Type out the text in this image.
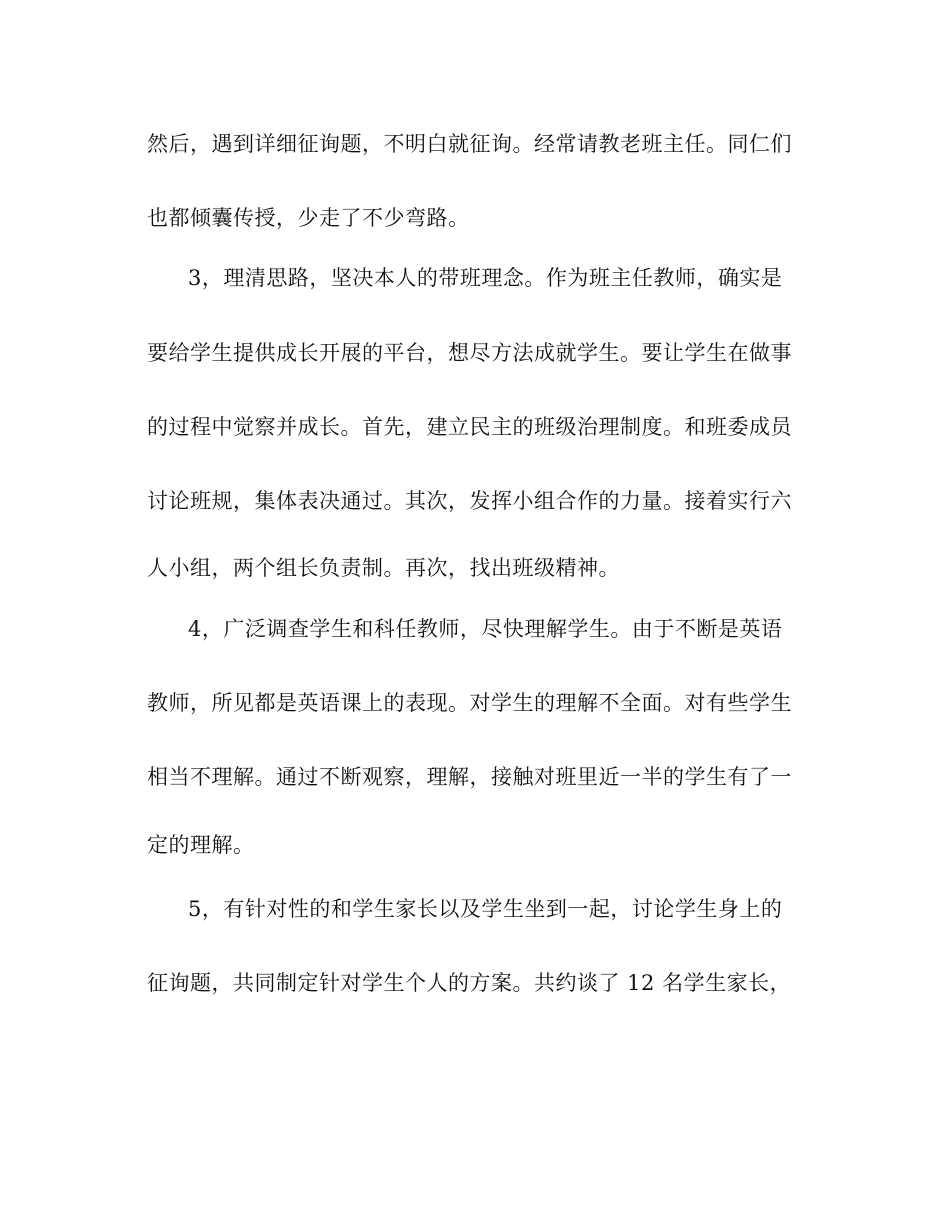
然后，遇到详细征询题，不明白就征询。经常请教老班主任。同仁们
也都倾囊传授，少走了不少弯路。
3，理清思路，坚决本人的带班理念。作为班主任教师，确实是
要给学生提供成长开展的平台，想尽方法成就学生。要让学生在做事
的过程中觉察并成长。首先，建立民主的班级治理制度。和班委成员
讨论班规，集体表决通过。其次，发挥小组合作的力量。接着实行六
人小组，两个组长负责制。再次，找出班级精神。
4，广泛调查学生和科任教师，尽快理解学生。由于不断是英语
教师，所见都是英语课上的表现。对学生的理解不全面。对有些学生
相当不理解。通过不断观察，理解，接触对班里近一半的学生有了一
定的理解。
5，有针对性的和学生家长以及学生坐到一起，讨论学生身上的
征询题，共同制定针对学生个人的方案。共约谈了 12 名学生家长，
